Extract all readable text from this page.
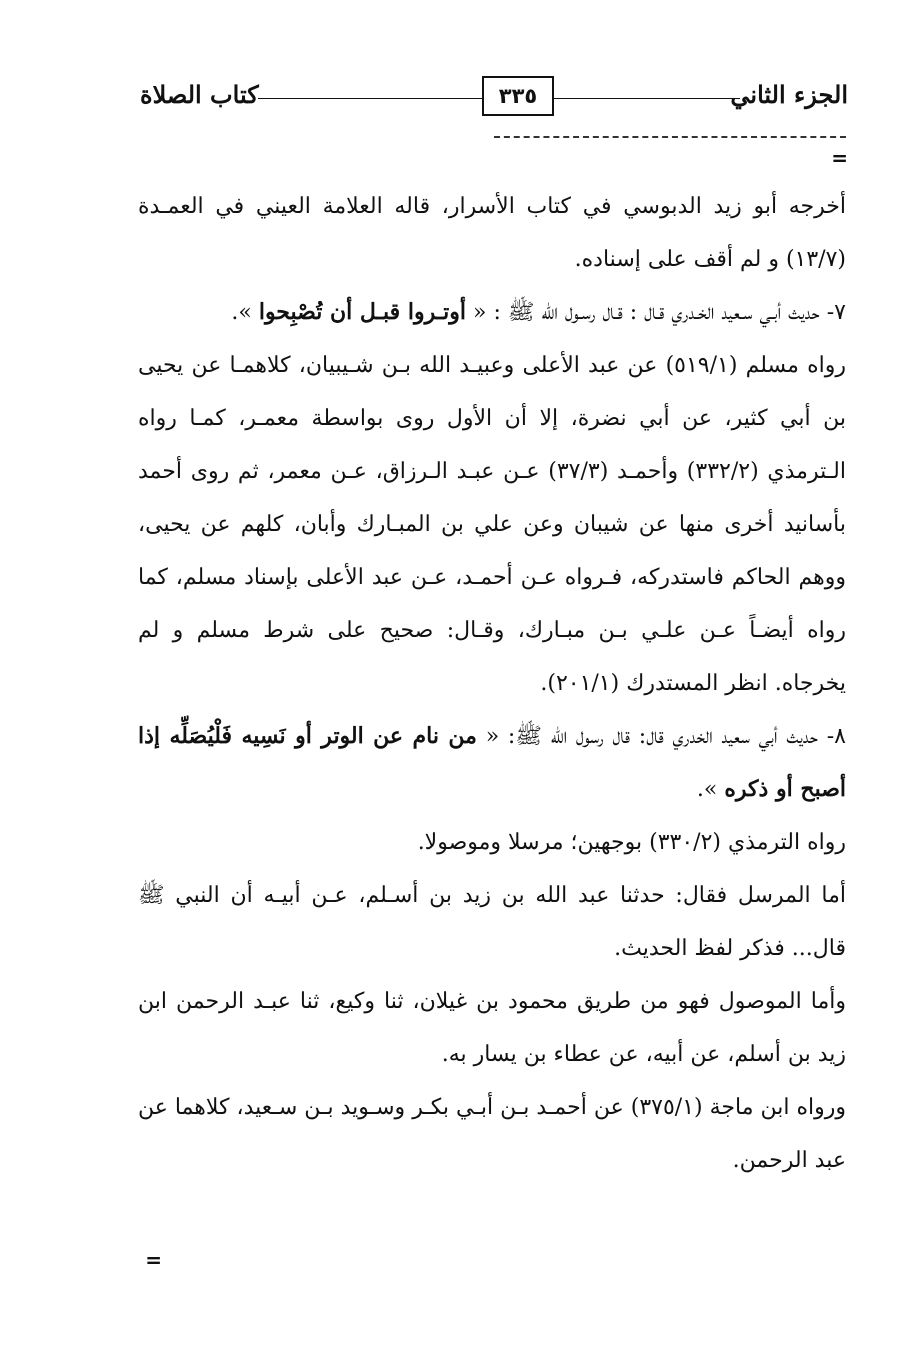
الجزء الثاني
٣٣٥
كتاب الصلاة
=

أخرجه أبو زيد الدبوسي في كتاب الأسرار، قاله العلامة العيني في العمـدة (١٣/٧) و لم أقف على إسناده.

٧- حديث أبـي سـعيد الخـدري قـال : قـال رسـول الله ﷺ : « أوتـروا قبـل أن تُصْبِحوا ».

رواه مسلم (٥١٩/١) عن عبد الأعلى وعبيـد الله بـن شـيبيان، كلاهمـا عن يحيى بن أبي كثير، عن أبي نضرة، إلا أن الأول روى بواسطة معمـر، كمـا رواه الـترمذي (٣٣٢/٢) وأحمـد (٣٧/٣) عـن عبـد الـرزاق، عـن معمر، ثم روى أحمد بأسانيد أخرى منها عن شيبان وعن علي بن المبـارك وأبان، كلهم عن يحيى، ووهم الحاكم فاستدركه، فـرواه عـن أحمـد، عـن عبد الأعلى بإسناد مسلم، كما رواه أيضـاً عـن علـي بـن مبـارك، وقـال: صحيح على شرط مسلم و لم يخرجاه. انظر المستدرك (٢٠١/١).

٨- حديث أبي سعيد الخدري قال: قال رسول الله ﷺ: « من نام عن الوتر أو نَسِيه فَلْيُصَلِّه إذا أصبح أو ذكره ».

رواه الترمذي (٣٣٠/٢) بوجهين؛ مرسلا وموصولا.

أما المرسل فقال: حدثنا عبد الله بن زيد بن أسـلم، عـن أبيـه أن النبي ﷺ قال... فذكر لفظ الحديث.

وأما الموصول فهو من طريق محمود بن غيلان، ثنا وكيع، ثنا عبـد الرحمن ابن زيد بن أسلم، عن أبيه، عن عطاء بن يسار به.

ورواه ابن ماجة (٣٧٥/١) عن أحمـد بـن أبـي بكـر وسـويد بـن سـعيد، كلاهما عن عبد الرحمن.

=
